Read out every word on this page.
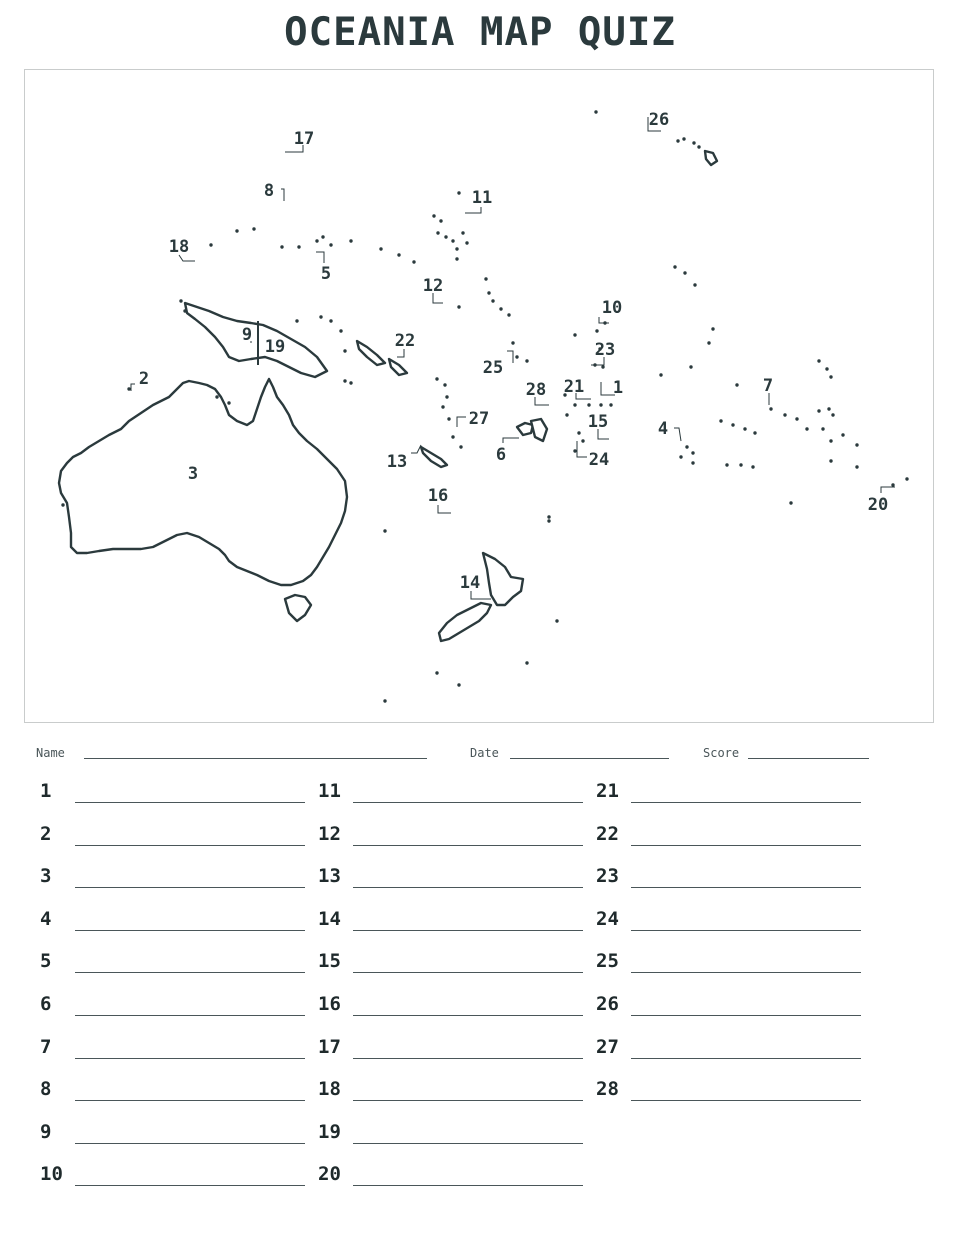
OCEANIA MAP QUIZ
1
2
3
4
5
6
7
8
9
10
11
12
13
14
15
16
17
18
19
20
21
22	23
24
25
26
27
28
Name	Date	Score
1
2
3
4
5
6
7
8
9
10
11
12
13
14
15
16
17
18
19
20
21
22
23
24
25
26
27
28
